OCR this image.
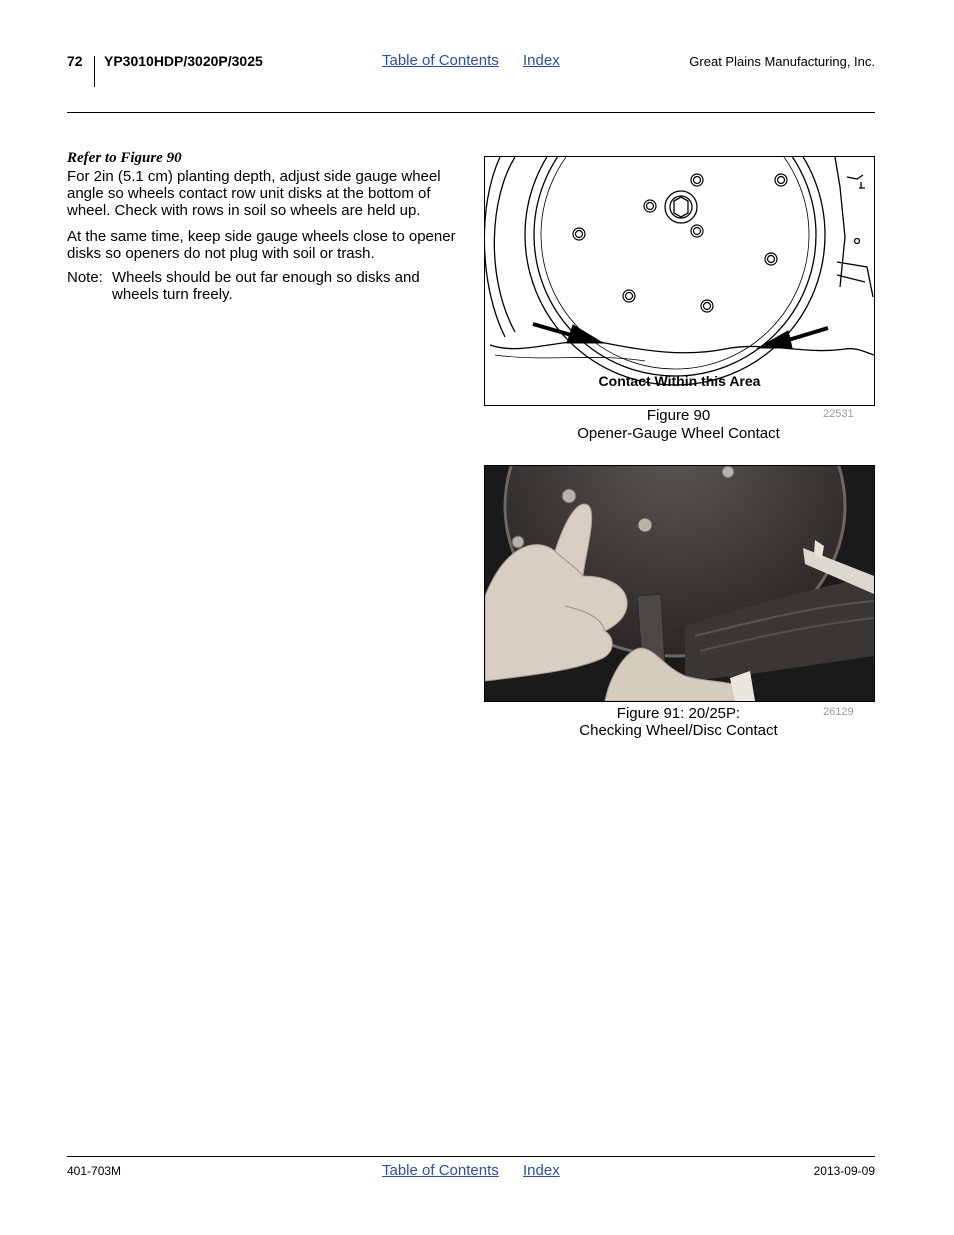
72 YP3010HDP/3020P/3025	Table of Contents Index	Great Plains Manufacturing, Inc.
Refer to Figure 90
For 2in (5.1 cm) planting depth, adjust side gauge wheel angle so wheels contact row unit disks at the bottom of wheel. Check with rows in soil so wheels are held up.
At the same time, keep side gauge wheels close to opener disks so openers do not plug with soil or trash.
Note: Wheels should be out far enough so disks and wheels turn freely.
Contact Within this Area
Figure 90
Opener-Gauge Wheel Contact
22531
Figure 91: 20/25P:
Checking Wheel/Disc Contact
26129
401-703M	Table of Contents Index	2013-09-09
